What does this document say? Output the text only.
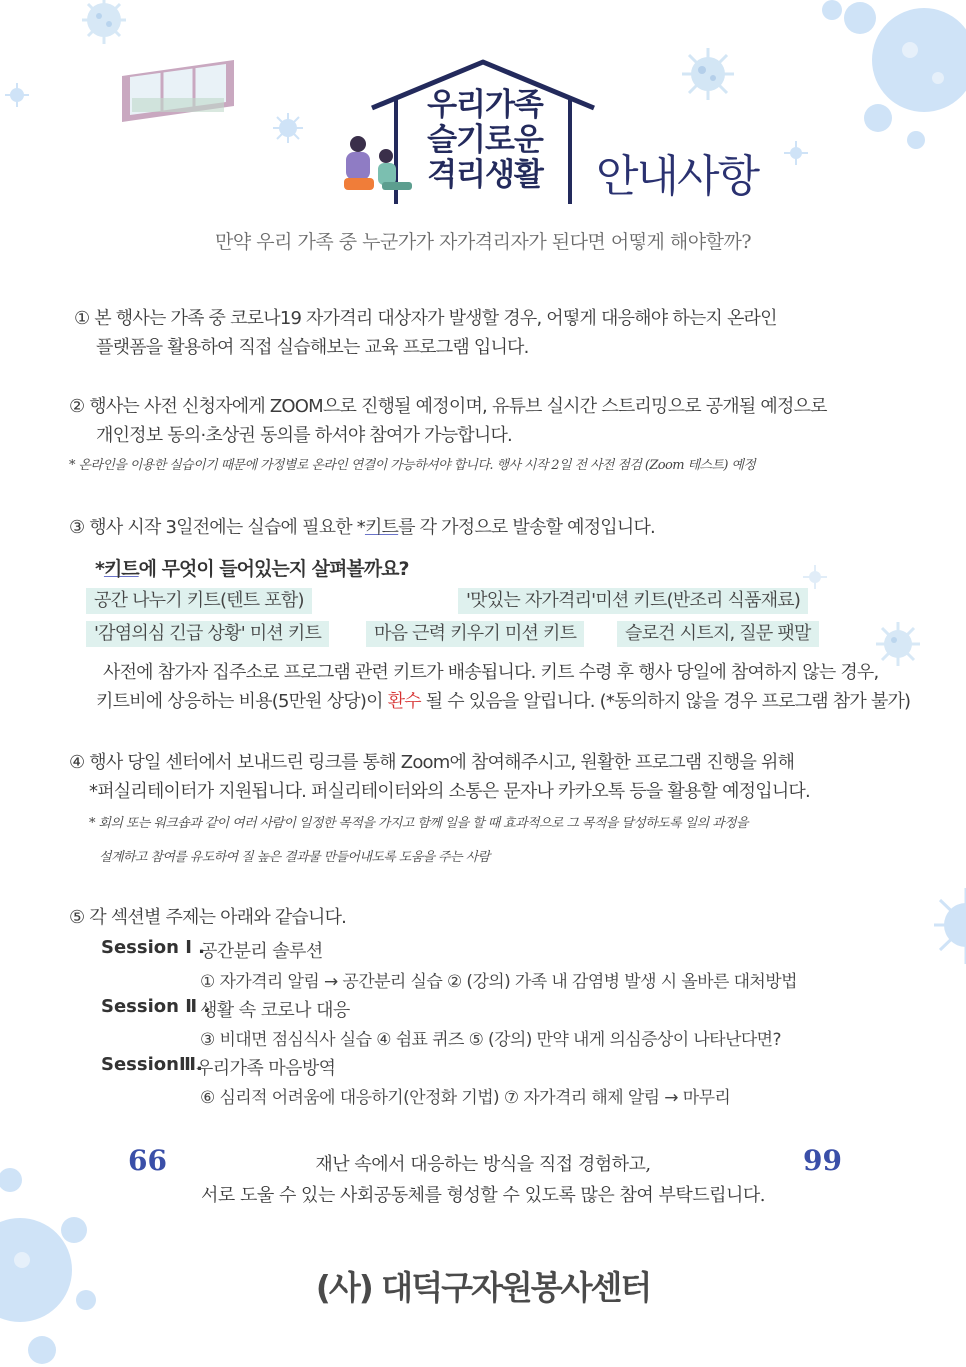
우리가족
슬기로운
격리생활	안내사항
만약 우리 가족 중 누군가가 자가격리자가 된다면 어떻게 해야할까?
① 본 행사는 가족 중 코로나19 자가격리 대상자가 발생할 경우, 어떻게 대응해야 하는지 온라인
플랫폼을 활용하여 직접 실습해보는 교육 프로그램 입니다.
② 행사는 사전 신청자에게 ZOOM으로 진행될 예정이며, 유튜브 실시간 스트리밍으로 공개될 예정으로
개인정보 동의·초상권 동의를 하셔야 참여가 가능합니다.
* 온라인을 이용한 실습이기 때문에 가정별로 온라인 연결이 가능하셔야 합니다. 행사 시작 2일 전 사전 점검 (Zoom 테스트) 예정
③ 행사 시작 3일전에는 실습에 필요한 *키트를 각 가정으로 발송할 예정입니다.
*키트에 무엇이 들어있는지 살펴볼까요?
공간 나누기 키트(텐트 포함)	'맛있는 자가격리'미션 키트(반조리 식품재료)
'감염의심 긴급 상황' 미션 키트	마음 근력 키우기 미션 키트	슬로건 시트지, 질문 팻말
사전에 참가자 집주소로 프로그램 관련 키트가 배송됩니다. 키트 수령 후 행사 당일에 참여하지 않는 경우,
키트비에 상응하는 비용(5만원 상당)이 환수 될 수 있음을 알립니다. (*동의하지 않을 경우 프로그램 참가 불가)
④ 행사 당일 센터에서 보내드린 링크를 통해 Zoom에 참여해주시고, 원활한 프로그램 진행을 위해
*퍼실리테이터가 지원됩니다. 퍼실리테이터와의 소통은 문자나 카카오톡 등을 활용할 예정입니다.
* 회의 또는 워크숍과 같이 여러 사람이 일정한 목적을 가지고 함께 일을 할 때 효과적으로 그 목적을 달성하도록 일의 과정을
설계하고 참여를 유도하여 질 높은 결과물 만들어내도록 도움을 주는 사람
⑤ 각 섹션별 주제는 아래와 같습니다.
Session Ⅰ .
공간분리 솔루션
① 자가격리 알림 → 공간분리 실습 ② (강의) 가족 내 감염병 발생 시 올바른 대처방법
Session Ⅱ .
생활 속 코로나 대응
③ 비대면 점심식사 실습 ④ 쉼표 퀴즈 ⑤ (강의) 만약 내게 의심증상이 나타난다면?
SessionⅢ.
우리가족 마음방역
⑥ 심리적 어려움에 대응하기(안정화 기법) ⑦ 자가격리 해제 알림 → 마무리
66	99
재난 속에서 대응하는 방식을 직접 경험하고,
서로 도울 수 있는 사회공동체를 형성할 수 있도록 많은 참여 부탁드립니다.
(사) 대덕구자원봉사센터
